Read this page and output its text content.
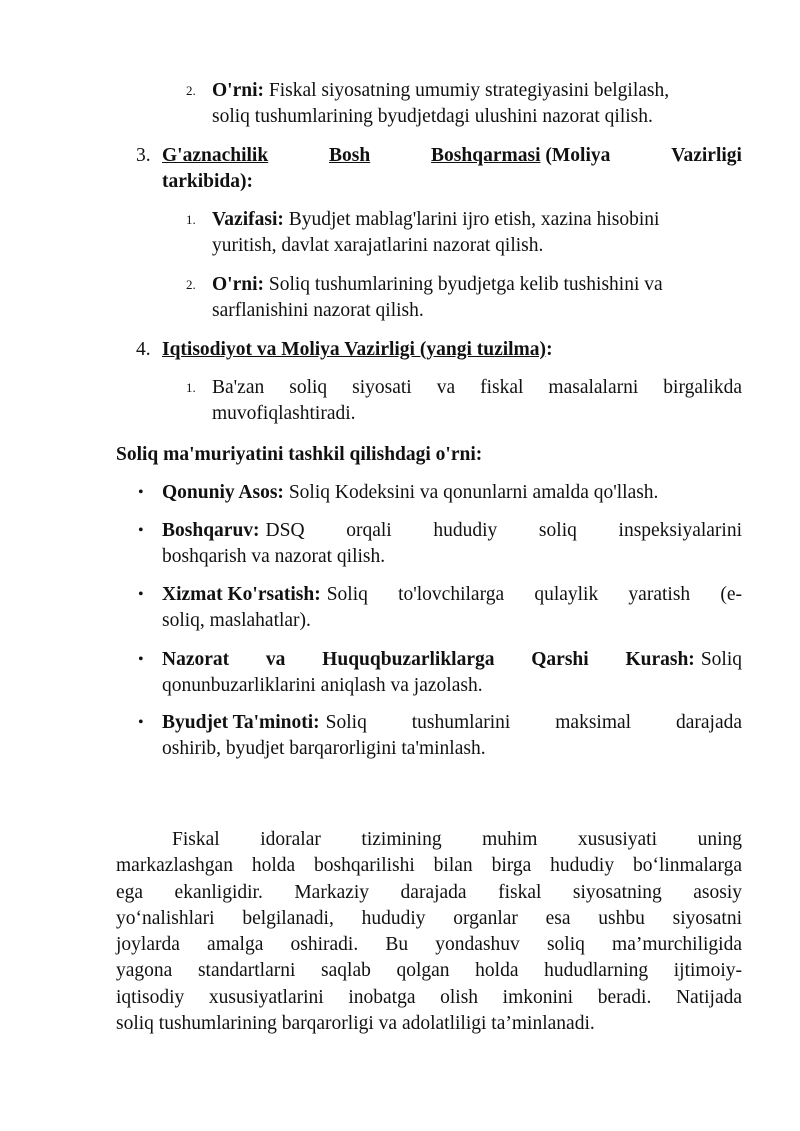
2. O'rni: Fiskal siyosatning umumiy strategiyasini belgilash,
soliq tushumlarining byudjetdagi ulushini nazorat qilish.
3. G'aznachilik	Bosh	Boshqarmasi (Moliya	Vazirligi
tarkibida):
1. Vazifasi: Byudjet mablag'larini ijro etish, xazina hisobini
yuritish, davlat xarajatlarini nazorat qilish.
2. O'rni: Soliq tushumlarining byudjetga kelib tushishini va
sarflanishini nazorat qilish.
4. Iqtisodiyot va Moliya Vazirligi (yangi tuzilma):
1. Ba'zan soliq siyosati va fiskal masalalarni birgalikda
muvofiqlashtiradi.
Soliq ma'muriyatini tashkil qilishdagi o'rni:
• Qonuniy Asos: Soliq Kodeksini va qonunlarni amalda qo'llash.
• Boshqaruv: DSQ orqali hududiy soliq inspeksiyalarini
boshqarish va nazorat qilish.
• Xizmat Ko'rsatish: Soliq to'lovchilarga qulaylik yaratish (e-
soliq, maslahatlar).
• Nazorat va Huquqbuzarliklarga Qarshi Kurash: Soliq
qonunbuzarliklarini aniqlash va jazolash.
• Byudjet Ta'minoti: Soliq tushumlarini maksimal darajada
oshirib, byudjet barqarorligini ta'minlash.
Fiskal idoralar tizimining muhim xususiyati uning
markazlashgan holda boshqarilishi bilan birga hududiy bo‘linmalarga
ega ekanligidir. Markaziy darajada fiskal siyosatning asosiy
yo‘nalishlari belgilanadi, hududiy organlar esa ushbu siyosatni
joylarda amalga oshiradi. Bu yondashuv soliq ma’murchiligida
yagona standartlarni saqlab qolgan holda hududlarning ijtimoiy-
iqtisodiy xususiyatlarini inobatga olish imkonini beradi. Natijada
soliq tushumlarining barqarorligi va adolatliligi ta’minlanadi.
